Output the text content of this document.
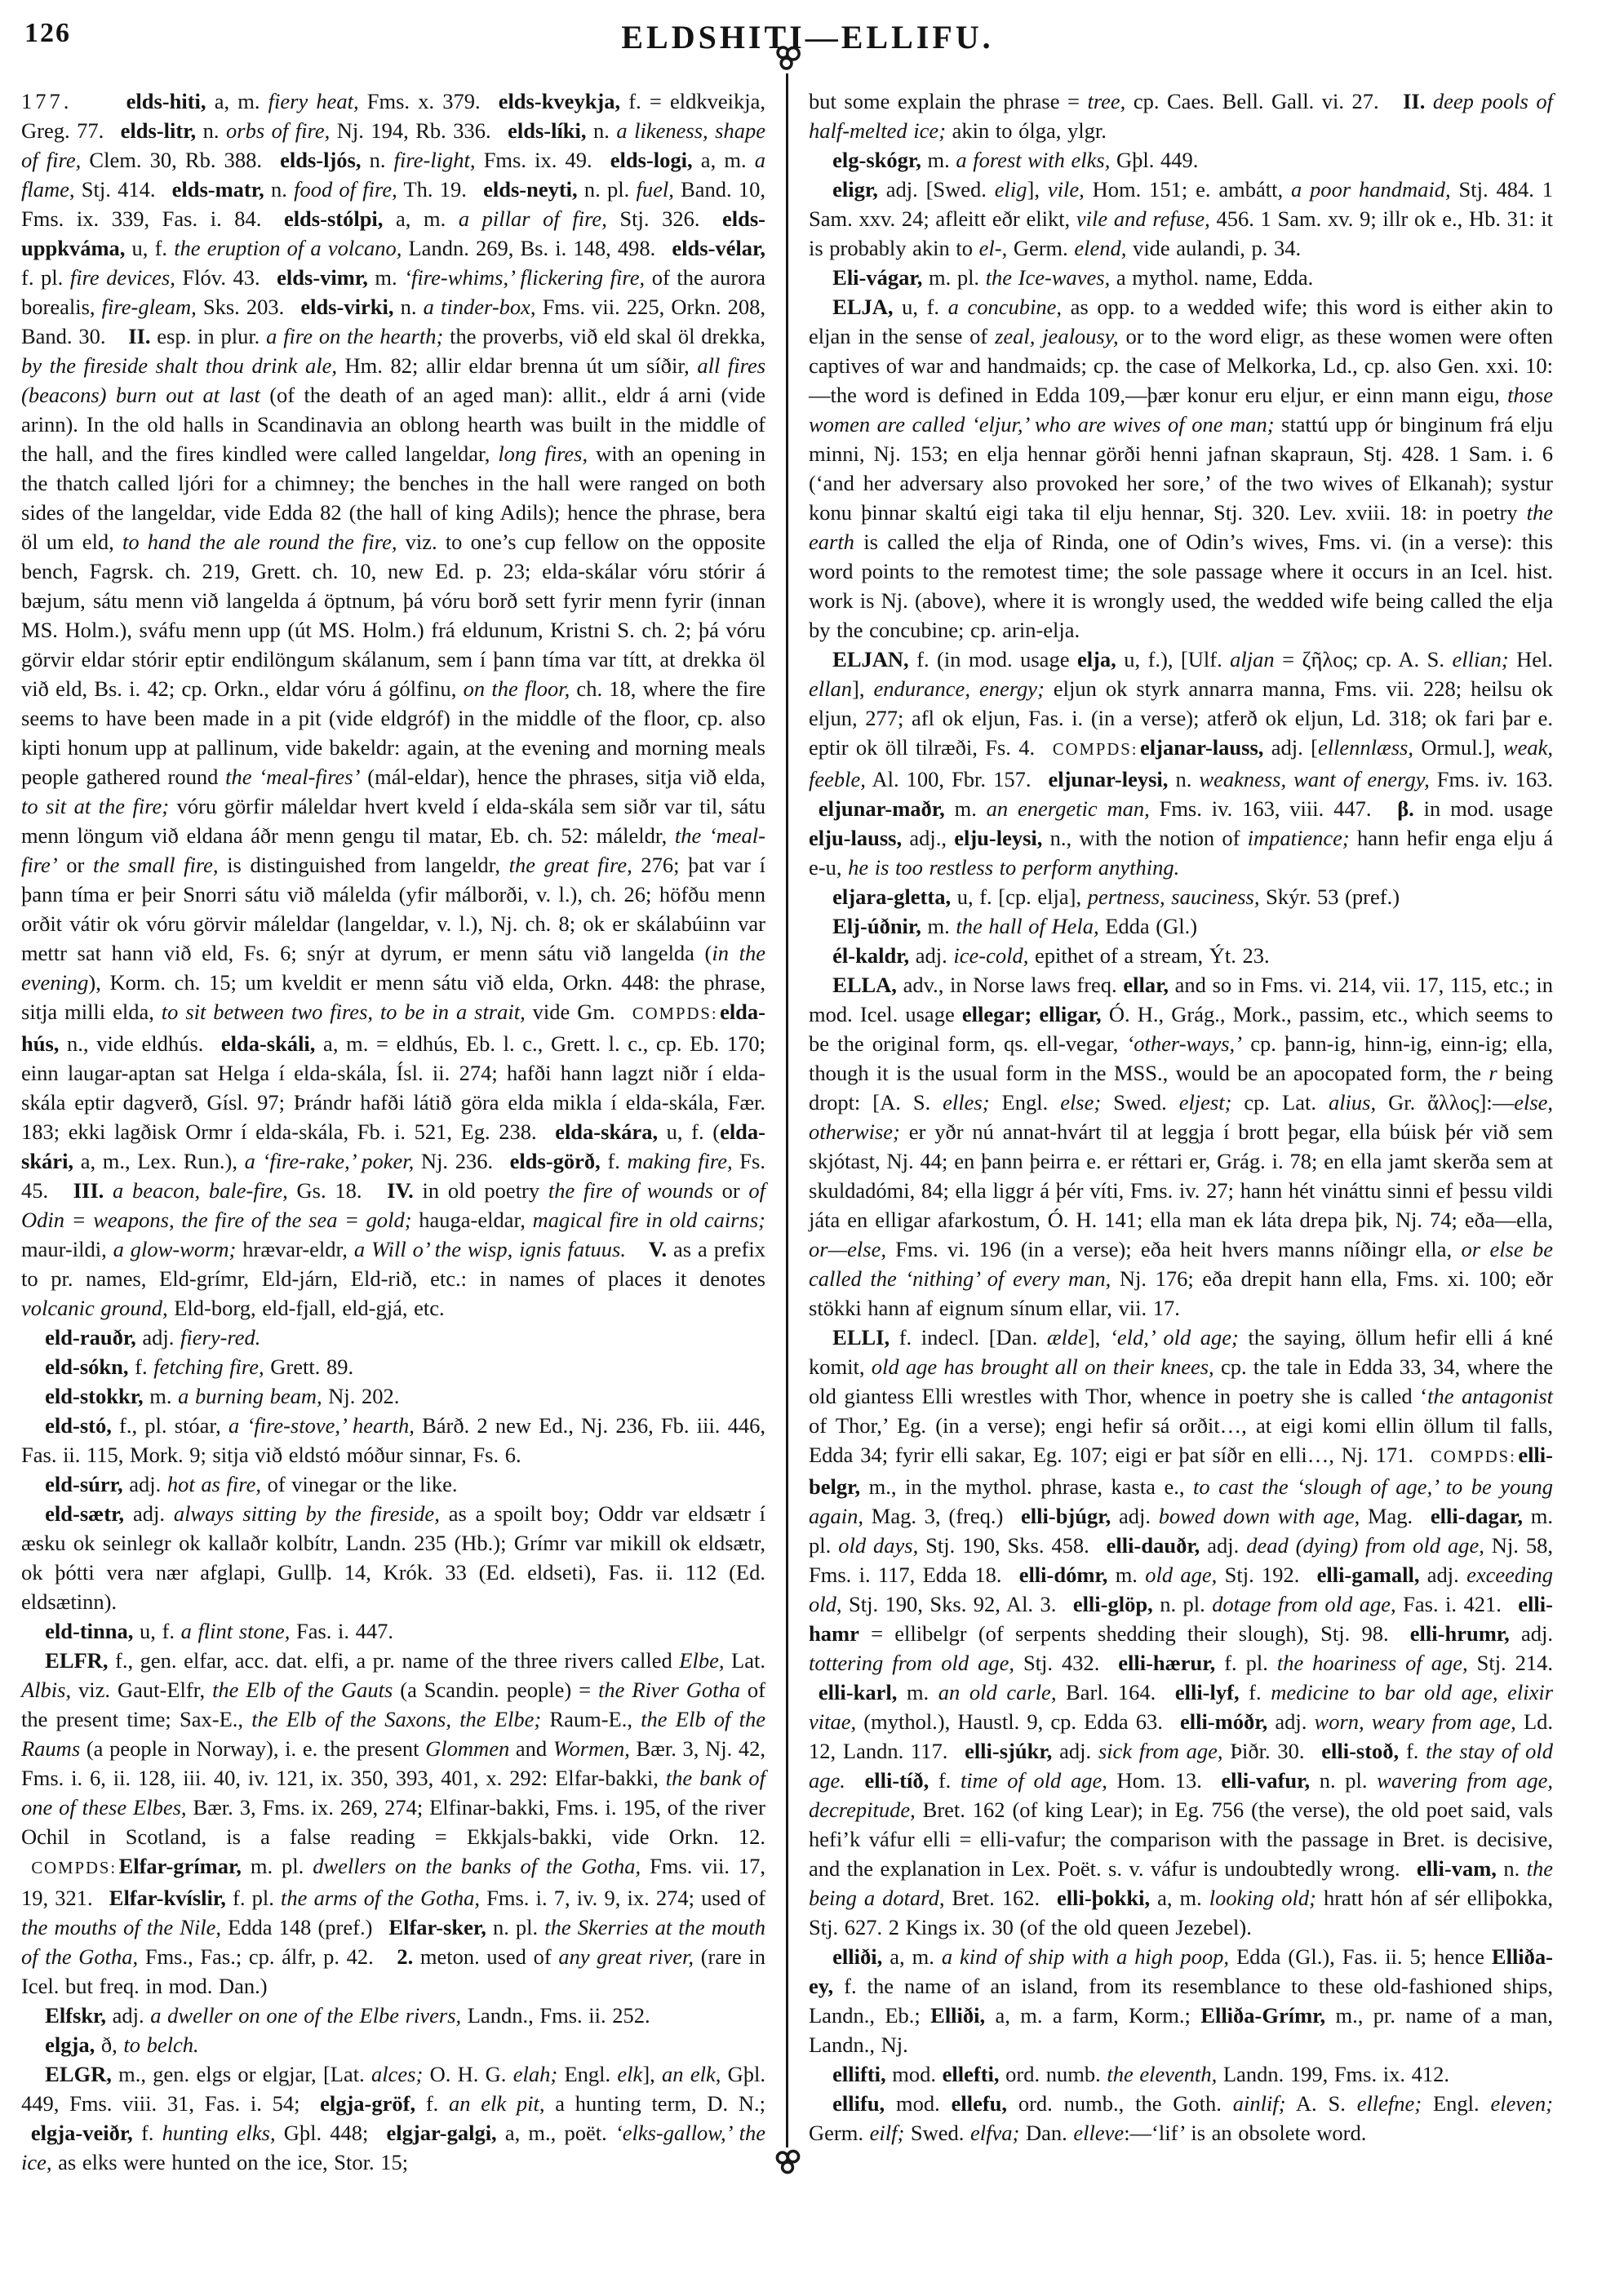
126	ELDSHITI—ELLIFU.

177.	elds-hiti, a, m. fiery heat, Fms. x. 379. elds-kveykja, f. = eldkveikja, Greg. 77. elds-litr, n. orbs of fire, Nj. 194, Rb. 336. elds-líki, n. a likeness, shape of fire, Clem. 30, Rb. 388. elds-ljós, n. fire-light, Fms. ix. 49. elds-logi, a, m. a flame, Stj. 414. elds-matr, n. food of fire, Th. 19. elds-neyti, n. pl. fuel, Band. 10, Fms. ix. 339, Fas. i. 84. elds-stólpi, a, m. a pillar of fire, Stj. 326. elds-uppkváma, u, f. the eruption of a volcano, Landn. 269, Bs. i. 148, 498. elds-vélar, f. pl. fire devices, Flóv. 43. elds-vimr, m. ‘fire-whims,’ flickering fire, of the aurora borealis, fire-gleam, Sks. 203. elds-virki, n. a tinder-box, Fms. vii. 225, Orkn. 208, Band. 30. II. esp. in plur. a fire on the hearth; the proverbs, við eld skal öl drekka, by the fireside shalt thou drink ale, Hm. 82; allir eldar brenna út um síðir, all fires (beacons) burn out at last (of the death of an aged man): allit., eldr á arni (vide arinn). In the old halls in Scandinavia an oblong hearth was built in the middle of the hall, and the fires kindled were called langeldar, long fires, with an opening in the thatch called ljóri for a chimney; the benches in the hall were ranged on both sides of the langeldar, vide Edda 82 (the hall of king Adils); hence the phrase, bera öl um eld, to hand the ale round the fire, viz. to one’s cup fellow on the opposite bench, Fagrsk. ch. 219, Grett. ch. 10, new Ed. p. 23; elda-skálar vóru stórir á bæjum, sátu menn við langelda á öptnum, þá vóru borð sett fyrir menn fyrir (innan MS. Holm.), sváfu menn upp (út MS. Holm.) frá eldunum, Kristni S. ch. 2; þá vóru görvir eldar stórir eptir endilöngum skálanum, sem í þann tíma var títt, at drekka öl við eld, Bs. i. 42; cp. Orkn., eldar vóru á gólfinu, on the floor, ch. 18, where the fire seems to have been made in a pit (vide eldgróf) in the middle of the floor, cp. also kipti honum upp at pallinum, vide bakeldr: again, at the evening and morning meals people gathered round the ‘meal-fires’ (mál-eldar), hence the phrases, sitja við elda, to sit at the fire; vóru görfir máleldar hvert kveld í elda-skála sem siðr var til, sátu menn löngum við eldana áðr menn gengu til matar, Eb. ch. 52: máleldr, the ‘meal-fire’ or the small fire, is distinguished from langeldr, the great fire, 276; þat var í þann tíma er þeir Snorri sátu við málelda (yfir málborði, v. l.), ch. 26; höfðu menn orðit vátir ok vóru görvir máleldar (langeldar, v. l.), Nj. ch. 8; ok er skálabúinn var mettr sat hann við eld, Fs. 6; snýr at dyrum, er menn sátu við langelda (in the evening), Korm. ch. 15; um kveldit er menn sátu við elda, Orkn. 448: the phrase, sitja milli elda, to sit between two fires, to be in a strait, vide Gm. COMPDS:elda-hús, n., vide eldhús. elda-skáli, a, m. = eldhús, Eb. l. c., Grett. l. c., cp. Eb. 170; einn laugar-aptan sat Helga í elda-skála, Ísl. ii. 274; hafði hann lagzt niðr í elda-skála eptir dagverð, Gísl. 97; Þrándr hafði látið göra elda mikla í elda-skála, Fær. 183; ekki lagðisk Ormr í elda-skála, Fb. i. 521, Eg. 238. elda-skára, u, f. (elda-skári, a, m., Lex. Run.), a ‘fire-rake,’ poker, Nj. 236. elds-görð, f. making fire, Fs. 45. III. a beacon, bale-fire, Gs. 18. IV. in old poetry the fire of wounds or of Odin = weapons, the fire of the sea = gold; hauga-eldar, magical fire in old cairns; maur-ildi, a glow-worm; hrævar-eldr, a Will o’ the wisp, ignis fatuus. V. as a prefix to pr. names, Eld-grímr, Eld-járn, Eld-rið, etc.: in names of places it denotes volcanic ground, Eld-borg, eld-fjall, eld-gjá, etc.

eld-rauðr, adj. fiery-red.

eld-sókn, f. fetching fire, Grett. 89.

eld-stokkr, m. a burning beam, Nj. 202.

eld-stó, f., pl. stóar, a ‘fire-stove,’ hearth, Bárð. 2 new Ed., Nj. 236, Fb. iii. 446, Fas. ii. 115, Mork. 9; sitja við eldstó móður sinnar, Fs. 6.

eld-súrr, adj. hot as fire, of vinegar or the like.

eld-sætr, adj. always sitting by the fireside, as a spoilt boy; Oddr var eldsætr í æsku ok seinlegr ok kallaðr kolbítr, Landn. 235 (Hb.); Grímr var mikill ok eldsætr, ok þótti vera nær afglapi, Gullþ. 14, Krók. 33 (Ed. eldseti), Fas. ii. 112 (Ed. eldsætinn).

eld-tinna, u, f. a flint stone, Fas. i. 447.

ELFR, f., gen. elfar, acc. dat. elfi, a pr. name of the three rivers called Elbe, Lat. Albis, viz. Gaut-Elfr, the Elb of the Gauts (a Scandin. people) = the River Gotha of the present time; Sax-E., the Elb of the Saxons, the Elbe; Raum-E., the Elb of the Raums (a people in Norway), i. e. the present Glommen and Wormen, Bær. 3, Nj. 42, Fms. i. 6, ii. 128, iii. 40, iv. 121, ix. 350, 393, 401, x. 292: Elfar-bakki, the bank of one of these Elbes, Bær. 3, Fms. ix. 269, 274; Elfinar-bakki, Fms. i. 195, of the river Ochil in Scotland, is a false reading = Ekkjals-bakki, vide Orkn. 12. COMPDS:Elfar-grímar, m. pl. dwellers on the banks of the Gotha, Fms. vii. 17, 19, 321. Elfar-kvíslir, f. pl. the arms of the Gotha, Fms. i. 7, iv. 9, ix. 274; used of the mouths of the Nile, Edda 148 (pref.) Elfar-sker, n. pl. the Skerries at the mouth of the Gotha, Fms., Fas.; cp. álfr, p. 42. 2. meton. used of any great river, (rare in Icel. but freq. in mod. Dan.)

Elfskr, adj. a dweller on one of the Elbe rivers, Landn., Fms. ii. 252.

elgja, ð, to belch.

ELGR, m., gen. elgs or elgjar, [Lat. alces; O. H. G. elah; Engl. elk], an elk, Gþl. 449, Fms. viii. 31, Fas. i. 54; elgja-gröf, f. an elk pit, a hunting term, D. N.; elgja-veiðr, f. hunting elks, Gþl. 448; elgjar-galgi, a, m., poët. ‘elks-gallow,’ the ice, as elks were hunted on the ice, Stor. 15;

but some explain the phrase = tree, cp. Caes. Bell. Gall. vi. 27. II. deep pools of half-melted ice; akin to ólga, ylgr.

elg-skógr, m. a forest with elks, Gþl. 449.

eligr, adj. [Swed. elig], vile, Hom. 151; e. ambátt, a poor handmaid, Stj. 484. 1 Sam. xxv. 24; afleitt eðr elikt, vile and refuse, 456. 1 Sam. xv. 9; illr ok e., Hb. 31: it is probably akin to el-, Germ. elend, vide aulandi, p. 34.

Eli-vágar, m. pl. the Ice-waves, a mythol. name, Edda.

ELJA, u, f. a concubine, as opp. to a wedded wife; this word is either akin to eljan in the sense of zeal, jealousy, or to the word eligr, as these women were often captives of war and handmaids; cp. the case of Melkorka, Ld., cp. also Gen. xxi. 10:—the word is defined in Edda 109,—þær konur eru eljur, er einn mann eigu, those women are called ‘eljur,’ who are wives of one man; stattú upp ór binginum frá elju minni, Nj. 153; en elja hennar görði henni jafnan skapraun, Stj. 428. 1 Sam. i. 6 (‘and her adversary also provoked her sore,’ of the two wives of Elkanah); systur konu þinnar skaltú eigi taka til elju hennar, Stj. 320. Lev. xviii. 18: in poetry the earth is called the elja of Rinda, one of Odin’s wives, Fms. vi. (in a verse): this word points to the remotest time; the sole passage where it occurs in an Icel. hist. work is Nj. (above), where it is wrongly used, the wedded wife being called the elja by the concubine; cp. arin-elja.

ELJAN, f. (in mod. usage elja, u, f.), [Ulf. aljan = ζῆλος; cp. A. S. ellian; Hel. ellan], endurance, energy; eljun ok styrk annarra manna, Fms. vii. 228; heilsu ok eljun, 277; afl ok eljun, Fas. i. (in a verse); atferð ok eljun, Ld. 318; ok fari þar e. eptir ok öll tilræði, Fs. 4. COMPDS:eljanar-lauss, adj. [ellennlæss, Ormul.], weak, feeble, Al. 100, Fbr. 157. eljunar-leysi, n. weakness, want of energy, Fms. iv. 163. eljunar-maðr, m. an energetic man, Fms. iv. 163, viii. 447. β. in mod. usage elju-lauss, adj., elju-leysi, n., with the notion of impatience; hann hefir enga elju á e-u, he is too restless to perform anything.

eljara-gletta, u, f. [cp. elja], pertness, sauciness, Skýr. 53 (pref.)

Elj-úðnir, m. the hall of Hela, Edda (Gl.)

él-kaldr, adj. ice-cold, epithet of a stream, Ýt. 23.

ELLA, adv., in Norse laws freq. ellar, and so in Fms. vi. 214, vii. 17, 115, etc.; in mod. Icel. usage ellegar; elligar, Ó. H., Grág., Mork., passim, etc., which seems to be the original form, qs. ell-vegar, ‘other-ways,’ cp. þann-ig, hinn-ig, einn-ig; ella, though it is the usual form in the MSS., would be an apocopated form, the r being dropt: [A. S. elles; Engl. else; Swed. eljest; cp. Lat. alius, Gr. ἄλλος]:—else, otherwise; er yðr nú annat-hvárt til at leggja í brott þegar, ella búisk þér við sem skjótast, Nj. 44; en þann þeirra e. er réttari er, Grág. i. 78; en ella jamt skerða sem at skuldadómi, 84; ella liggr á þér víti, Fms. iv. 27; hann hét vináttu sinni ef þessu vildi játa en elligar afarkostum, Ó. H. 141; ella man ek láta drepa þik, Nj. 74; eða—ella, or—else, Fms. vi. 196 (in a verse); eða heit hvers manns níðingr ella, or else be called the ‘nithing’ of every man, Nj. 176; eða drepit hann ella, Fms. xi. 100; eðr stökki hann af eignum sínum ellar, vii. 17.

ELLI, f. indecl. [Dan. ælde], ‘eld,’ old age; the saying, öllum hefir elli á kné komit, old age has brought all on their knees, cp. the tale in Edda 33, 34, where the old giantess Elli wrestles with Thor, whence in poetry she is called ‘the antagonist of Thor,’ Eg. (in a verse); engi hefir sá orðit…, at eigi komi ellin öllum til falls, Edda 34; fyrir elli sakar, Eg. 107; eigi er þat síðr en elli…, Nj. 171. COMPDS:elli-belgr, m., in the mythol. phrase, kasta e., to cast the ‘slough of age,’ to be young again, Mag. 3, (freq.) elli-bjúgr, adj. bowed down with age, Mag. elli-dagar, m. pl. old days, Stj. 190, Sks. 458. elli-dauðr, adj. dead (dying) from old age, Nj. 58, Fms. i. 117, Edda 18. elli-dómr, m. old age, Stj. 192. elli-gamall, adj. exceeding old, Stj. 190, Sks. 92, Al. 3. elli-glöp, n. pl. dotage from old age, Fas. i. 421. elli-hamr = ellibelgr (of serpents shedding their slough), Stj. 98. elli-hrumr, adj. tottering from old age, Stj. 432. elli-hærur, f. pl. the hoariness of age, Stj. 214. elli-karl, m. an old carle, Barl. 164. elli-lyf, f. medicine to bar old age, elixir vitae, (mythol.), Haustl. 9, cp. Edda 63. elli-móðr, adj. worn, weary from age, Ld. 12, Landn. 117. elli-sjúkr, adj. sick from age, Þiðr. 30. elli-stoð, f. the stay of old age. elli-tíð, f. time of old age, Hom. 13. elli-vafur, n. pl. wavering from age, decrepitude, Bret. 162 (of king Lear); in Eg. 756 (the verse), the old poet said, vals hefi’k váfur elli = elli-vafur; the comparison with the passage in Bret. is decisive, and the explanation in Lex. Poët. s. v. váfur is undoubtedly wrong. elli-vam, n. the being a dotard, Bret. 162. elli-þokki, a, m. looking old; hratt hón af sér elliþokka, Stj. 627. 2 Kings ix. 30 (of the old queen Jezebel).

elliði, a, m. a kind of ship with a high poop, Edda (Gl.), Fas. ii. 5; hence Elliða-ey, f. the name of an island, from its resemblance to these old-fashioned ships, Landn., Eb.; Elliði, a, m. a farm, Korm.; Elliða-Grímr, m., pr. name of a man, Landn., Nj.

ellifti, mod. ellefti, ord. numb. the eleventh, Landn. 199, Fms. ix. 412.

ellifu, mod. ellefu, ord. numb., the Goth. ainlif; A. S. ellefne; Engl. eleven; Germ. eilf; Swed. elfva; Dan. elleve:—‘lif’ is an obsolete word.
